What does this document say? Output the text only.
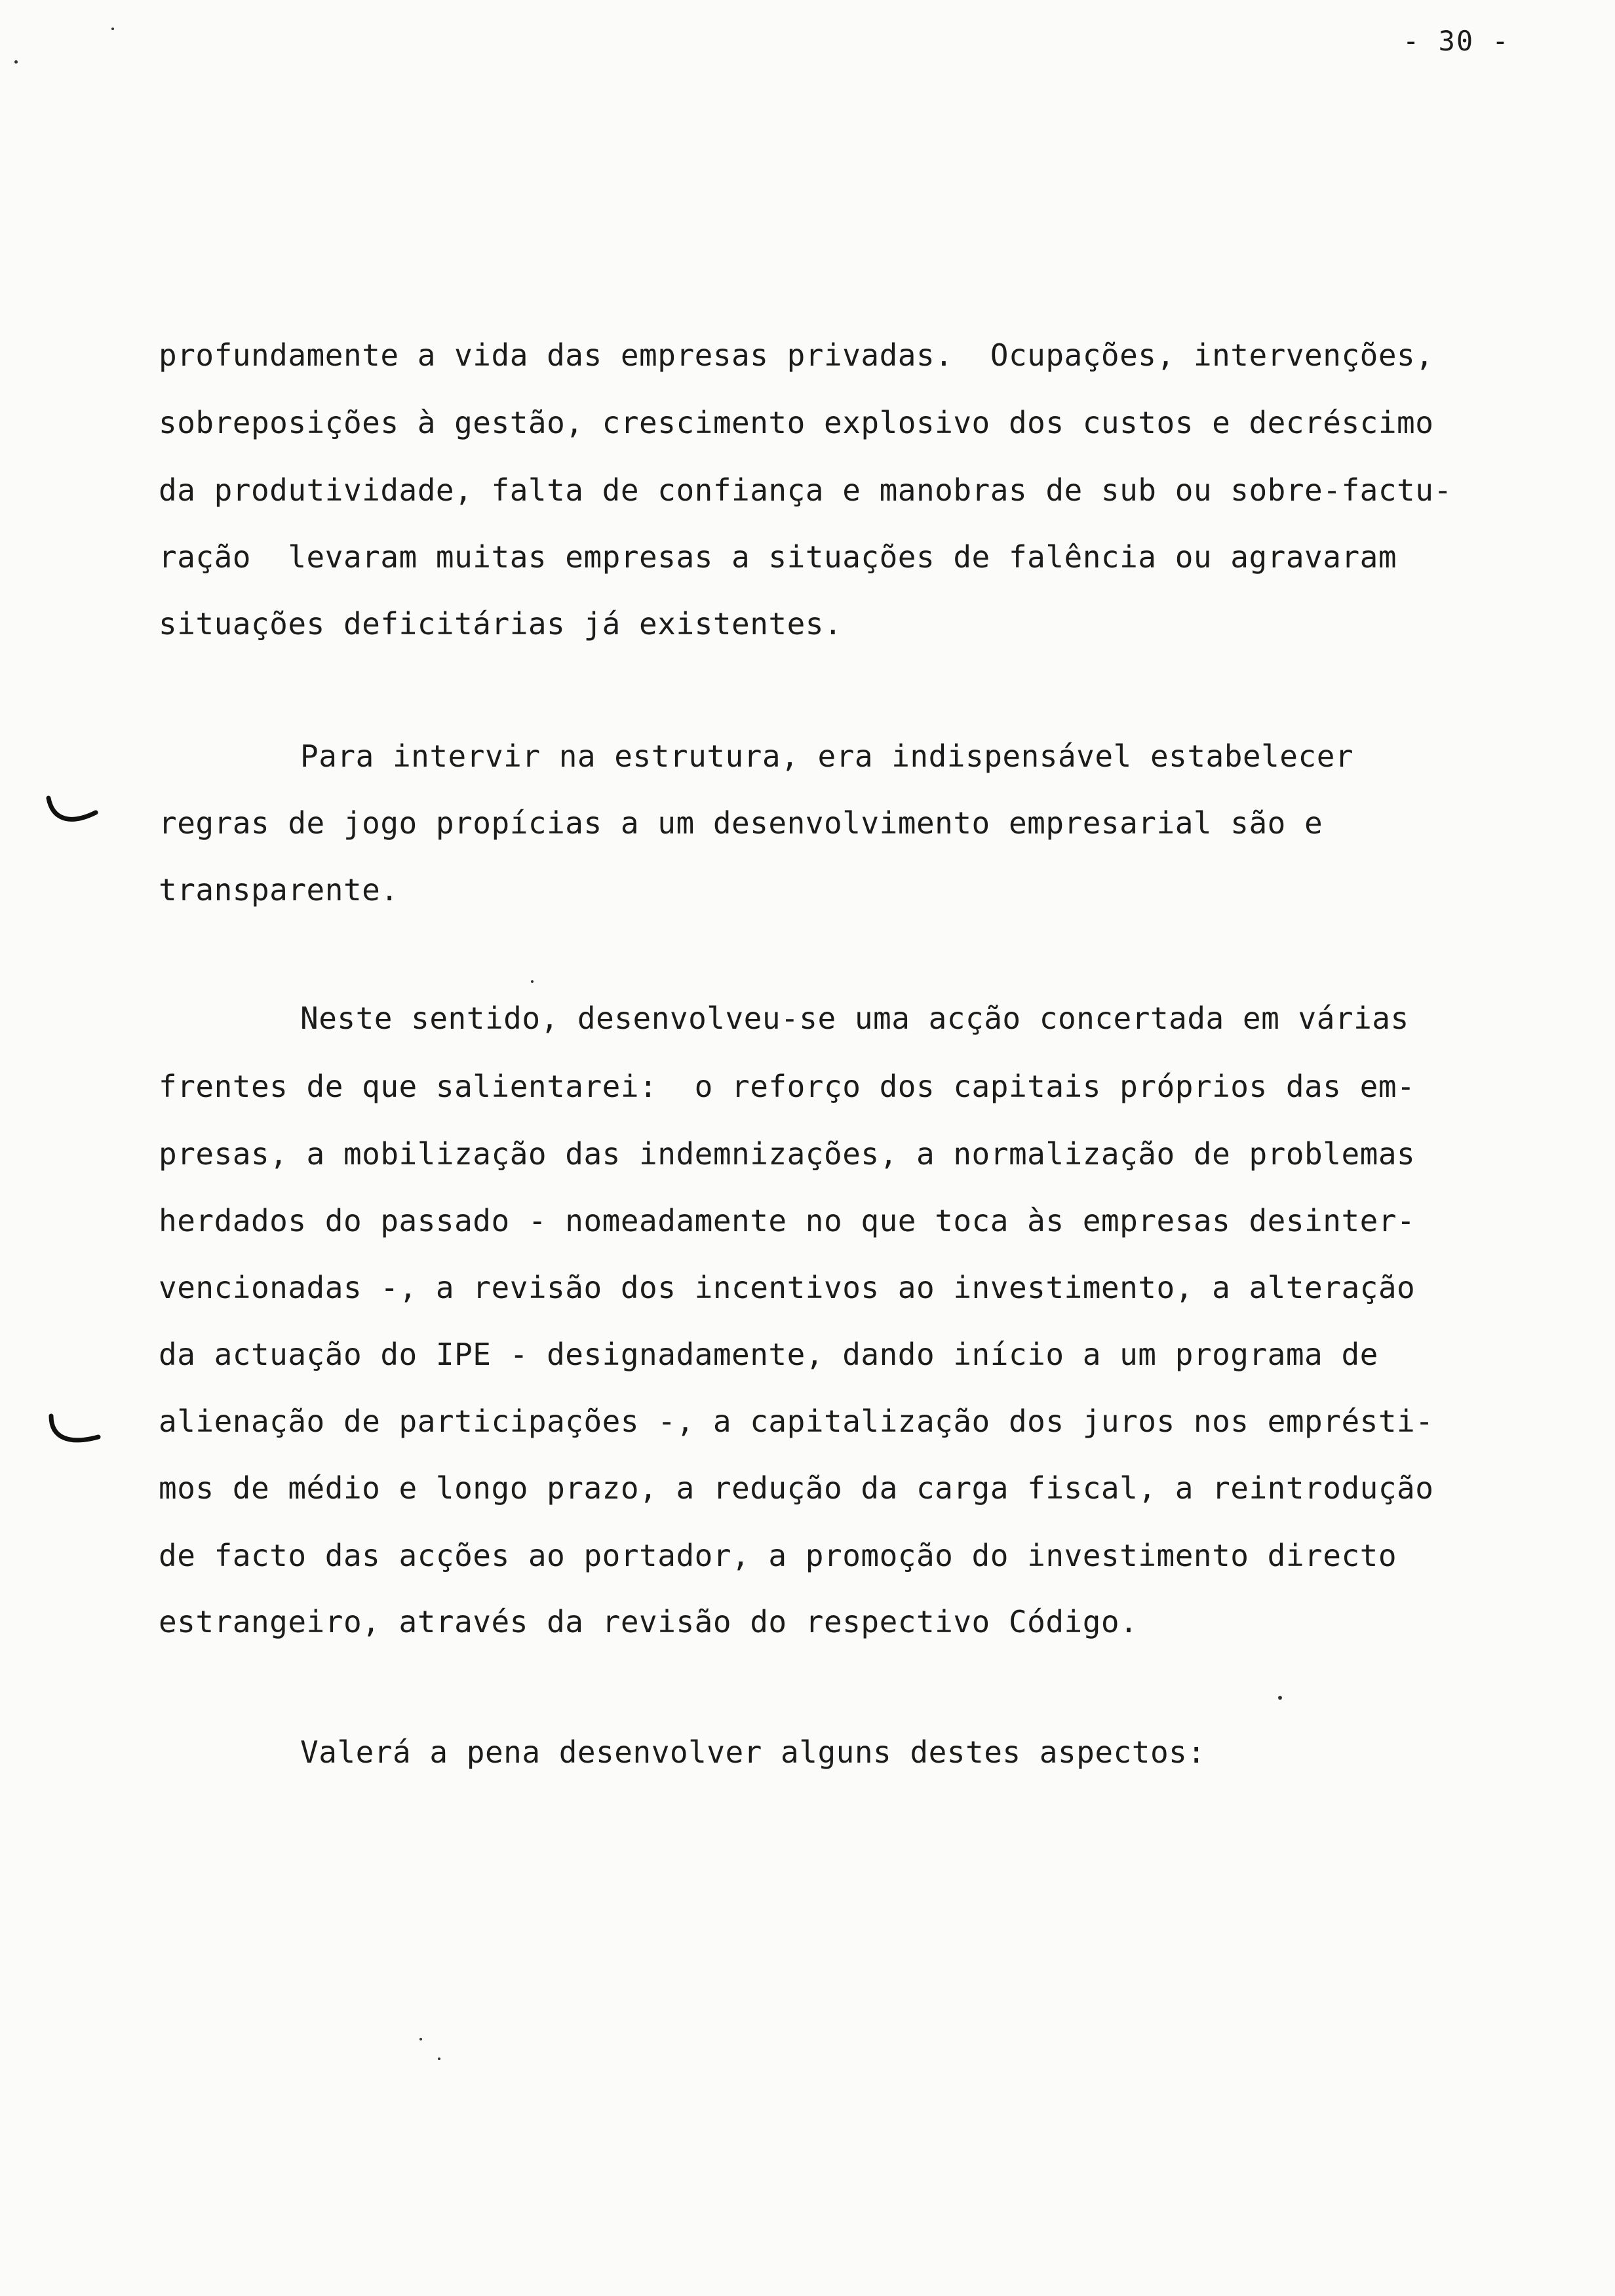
- 30 -
profundamente a vida das empresas privadas.  Ocupações, intervenções,
sobreposições à gestão, crescimento explosivo dos custos e decréscimo
da produtividade, falta de confiança e manobras de sub ou sobre-factu-
ração  levaram muitas empresas a situações de falência ou agravaram
situações deficitárias já existentes.
Para intervir na estrutura, era indispensável estabelecer
regras de jogo propícias a um desenvolvimento empresarial são e
transparente.
Neste sentido, desenvolveu-se uma acção concertada em várias
frentes de que salientarei:  o reforço dos capitais próprios das em-
presas, a mobilização das indemnizações, a normalização de problemas
herdados do passado - nomeadamente no que toca às empresas desinter-
vencionadas -, a revisão dos incentivos ao investimento, a alteração
da actuação do IPE - designadamente, dando início a um programa de
alienação de participações -, a capitalização dos juros nos emprésti-
mos de médio e longo prazo, a redução da carga fiscal, a reintrodução
de facto das acções ao portador, a promoção do investimento directo
estrangeiro, através da revisão do respectivo Código.
Valerá a pena desenvolver alguns destes aspectos:
